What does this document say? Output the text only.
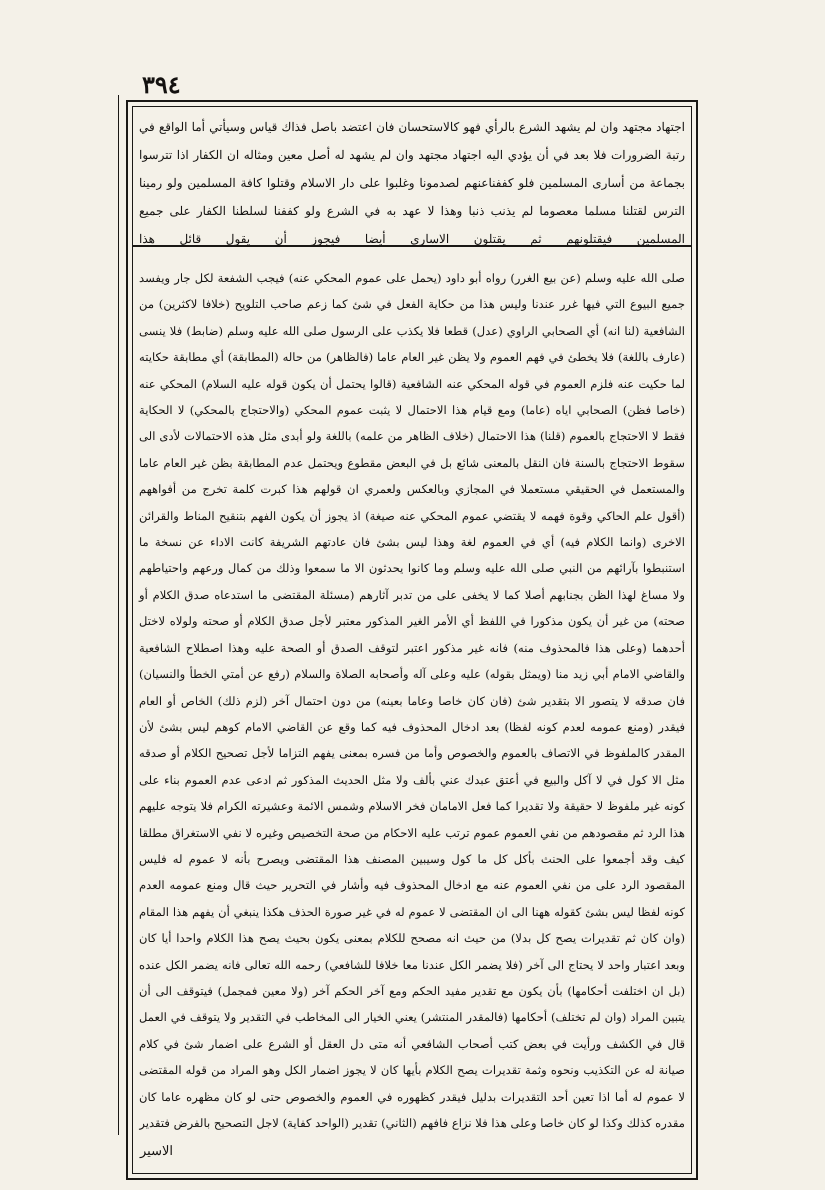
٣٩٤
اجتهاد مجتهد وان لم يشهد الشرع بالرأي فهو كالاستحسان فان اعتضد باصل فذاك قياس وسيأتي أما الواقع في رتبة الضرورات فلا بعد في أن يؤدي اليه اجتهاد مجتهد وان لم يشهد له أصل معين ومثاله ان الكفار اذا تترسوا بجماعة من أسارى المسلمين فلو كففناعنهم لصدمونا وغلبوا على دار الاسلام وقتلوا كافة المسلمين ولو رمينا الترس لقتلنا مسلما معصوما لم يذنب ذنبا وهذا لا عهد به في الشرع ولو كففنا لسلطنا الكفار على جميع المسلمين فيقتلونهم ثم يقتلون الاسارى أيضا فيجوز أن يقول قائل هذا

صلى الله عليه وسلم (عن بيع الغرر) رواه أبو داود (يحمل على عموم المحكي عنه) فيجب الشفعة لكل جار ويفسد جميع البيوع التي فيها غرر عندنا وليس هذا من حكاية الفعل في شئ كما زعم صاحب التلويح (خلافا لاكثرين) من الشافعية (لنا انه) أي الصحابي الراوي (عدل) قطعا فلا يكذب على الرسول صلى الله عليه وسلم (ضابط) فلا ينسى (عارف باللغة) فلا يخطئ في فهم العموم ولا يظن غير العام عاما (فالظاهر) من حاله (المطابقة) أي مطابقة حكايته لما حكيت عنه فلزم العموم في قوله المحكي عنه الشافعية (قالوا يحتمل أن يكون قوله عليه السلام) المحكي عنه (خاصا فظن) الصحابي اياه (عاما) ومع قيام هذا الاحتمال لا يثبت عموم المحكي (والاحتجاج بالمحكي) لا الحكاية فقط لا الاحتجاج بالعموم (قلنا) هذا الاحتمال (خلاف الظاهر من علمه) باللغة ولو أبدى مثل هذه الاحتمالات لأدى الى سقوط الاحتجاج بالسنة فان النقل بالمعنى شائع بل في البعض مقطوع ويحتمل عدم المطابقة بظن غير العام عاما والمستعمل في الحقيقي مستعملا في المجازي وبالعكس ولعمري ان قولهم هذا كبرت كلمة تخرج من أفواههم (أقول علم الحاكي وقوة فهمه لا يقتضي عموم المحكي عنه صيغة) اذ يجوز أن يكون الفهم بتنقيح المناط والقرائن الاخرى (وانما الكلام فيه) أي في العموم لغة وهذا ليس بشئ فان عادتهم الشريفة كانت الاداء عن نسخة ما استنبطوا بآرائهم من النبي صلى الله عليه وسلم وما كانوا يحدثون الا ما سمعوا وذلك من كمال ورعهم واحتياطهم ولا مساغ لهذا الظن بجنابهم أصلا كما لا يخفى على من تدبر آثارهم (مسئلة المقتضى ما استدعاه صدق الكلام أو صحته) من غير أن يكون مذكورا في اللفظ أي الأمر الغير المذكور معتبر لأجل صدق الكلام أو صحته ولولاه لاختل أحدهما (وعلى هذا فالمحذوف منه) فانه غير مذكور اعتبر لتوقف الصدق أو الصحة عليه وهذا اصطلاح الشافعية والقاضي الامام أبي زيد منا (ويمثل بقوله) عليه وعلى آله وأصحابه الصلاة والسلام (رفع عن أمتي الخطأ والنسيان) فان صدقه لا يتصور الا بتقدير شئ (فان كان خاصا وعاما بعينه) من دون احتمال آخر (لزم ذلك) الخاص أو العام فيقدر (ومنع عمومه لعدم كونه لفظا) بعد ادخال المحذوف فيه كما وقع عن القاضي الامام كوهم ليس بشئ لأن المقدر كالملفوظ في الاتصاف بالعموم والخصوص وأما من فسره بمعنى يفهم التزاما لأجل تصحيح الكلام أو صدقه مثل الا كول في لا آكل والبيع في أعتق عبدك عني بألف ولا مثل الحديث المذكور ثم ادعى عدم العموم بناء على كونه غير ملفوظ لا حقيقة ولا تقديرا كما فعل الامامان فخر الاسلام وشمس الائمة وعشيرته الكرام فلا يتوجه عليهم هذا الرد ثم مقصودهم من نفي العموم عموم ترتب عليه الاحكام من صحة التخصيص وغيره لا نفي الاستغراق مطلقا كيف وقد أجمعوا على الحنث بأكل كل ما كول وسيبين المصنف هذا المقتضى ويصرح بأنه لا عموم له فليس المقصود الرد على من نفي العموم عنه مع ادخال المحذوف فيه وأشار في التحرير حيث قال ومنع عمومه العدم كونه لفظا ليس بشئ كقوله ههنا الى ان المقتضى لا عموم له في غير صورة الحذف هكذا ينبغي أن يفهم هذا المقام (وان كان ثم تقديرات يصح كل بدلا) من حيث انه مصحح للكلام بمعنى يكون بحيث يصح هذا الكلام واحدا أيا كان وبعد اعتبار واحد لا يحتاج الى آخر (فلا يضمر الكل عندنا معا خلافا للشافعي) رحمه الله تعالى فانه يضمر الكل عنده (بل ان اختلفت أحكامها) بأن يكون مع تقدير مفيد الحكم ومع آخر الحكم آخر (ولا معين فمجمل) فيتوقف الى أن يتبين المراد (وان لم تختلف) أحكامها (فالمقدر المنتشر) يعني الخيار الى المخاطب في التقدير ولا يتوقف في العمل قال في الكشف ورأيت في بعض كتب أصحاب الشافعي أنه متى دل العقل أو الشرع على اضمار شئ في كلام صيانة له عن التكذيب ونحوه وثمة تقديرات يصح الكلام بأيها كان لا يجوز اضمار الكل وهو المراد من قوله المقتضى لا عموم له أما اذا تعين أحد التقديرات بدليل فيقدر كظهوره في العموم والخصوص حتى لو كان مظهره عاما كان مقدره كذلك وكذا لو كان خاصا وعلى هذا فلا نزاع فافهم (الثاني) تقدير (الواحد كفاية) لاجل التصحيح بالفرض فتقدير

الاسير
